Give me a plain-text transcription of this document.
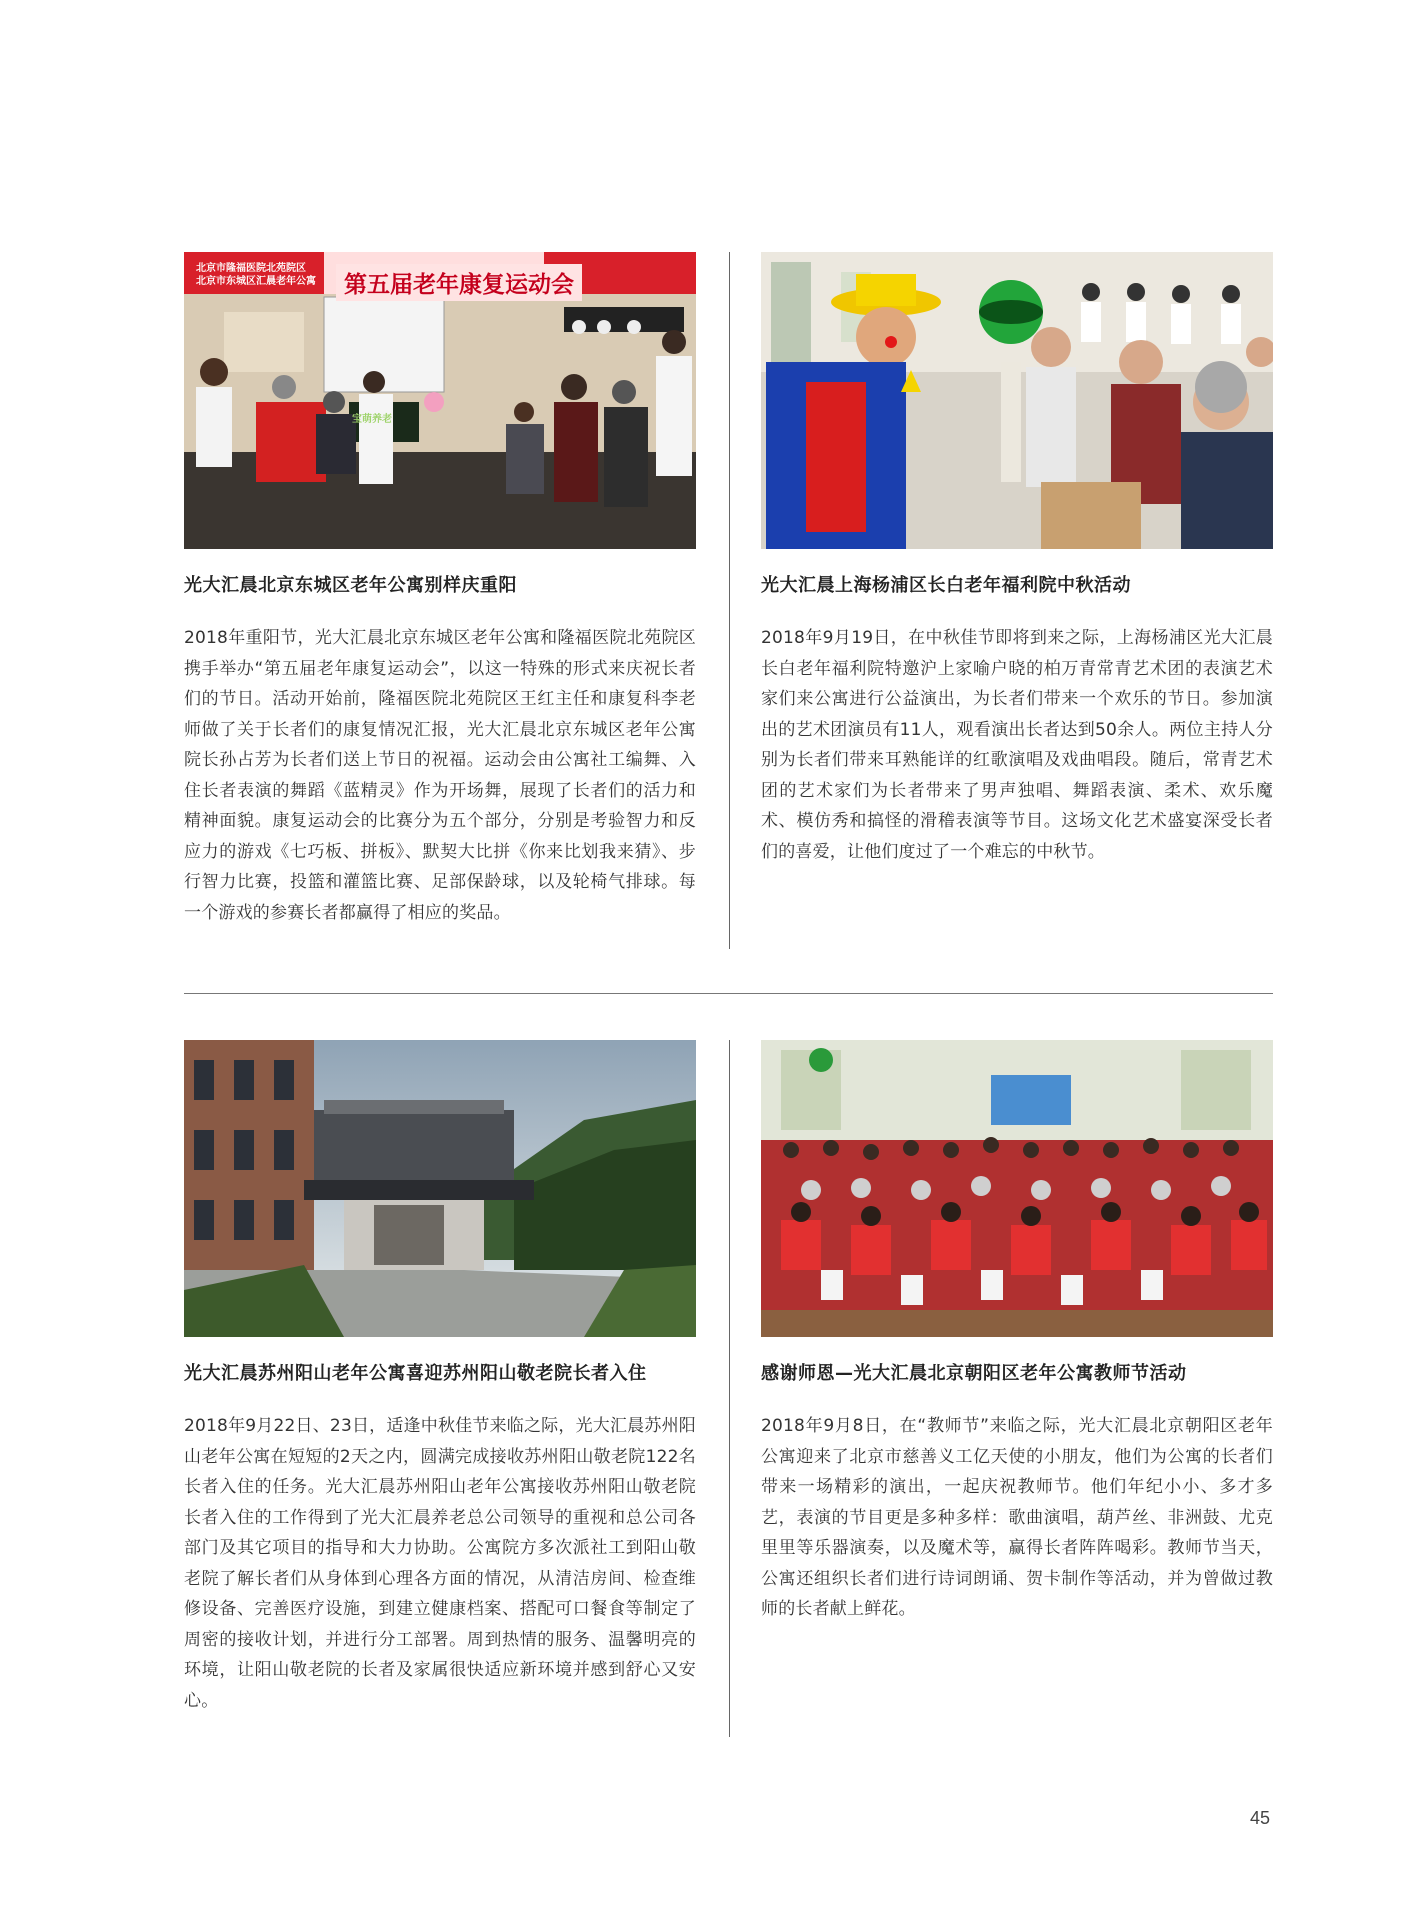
北京市隆福医院北苑院区
北京市东城区汇晨老年公寓	第五届老年康复运动会
宝萌养老
光大汇晨北京东城区老年公寓别样庆重阳
2018年重阳节，光大汇晨北京东城区老年公寓和隆福医院北苑院区携手举办“第五届老年康复运动会”，以这一特殊的形式来庆祝长者们的节日。活动开始前，隆福医院北苑院区王红主任和康复科李老师做了关于长者们的康复情况汇报，光大汇晨北京东城区老年公寓院长孙占芳为长者们送上节日的祝福。运动会由公寓社工编舞、入住长者表演的舞蹈《蓝精灵》作为开场舞，展现了长者们的活力和精神面貌。康复运动会的比赛分为五个部分，分别是考验智力和反应力的游戏《七巧板、拼板》、默契大比拼《你来比划我来猜》、步行智力比赛，投篮和灌篮比赛、足部保龄球，以及轮椅气排球。每一个游戏的参赛长者都赢得了相应的奖品。
光大汇晨上海杨浦区长白老年福利院中秋活动
2018年9月19日，在中秋佳节即将到来之际，上海杨浦区光大汇晨长白老年福利院特邀沪上家喻户晓的柏万青常青艺术团的表演艺术家们来公寓进行公益演出，为长者们带来一个欢乐的节日。参加演出的艺术团演员有11人，观看演出长者达到50余人。两位主持人分别为长者们带来耳熟能详的红歌演唱及戏曲唱段。随后，常青艺术团的艺术家们为长者带来了男声独唱、舞蹈表演、柔术、欢乐魔术、模仿秀和搞怪的滑稽表演等节目。这场文化艺术盛宴深受长者们的喜爱，让他们度过了一个难忘的中秋节。
光大汇晨苏州阳山老年公寓喜迎苏州阳山敬老院长者入住
2018年9月22日、23日，适逢中秋佳节来临之际，光大汇晨苏州阳山老年公寓在短短的2天之内，圆满完成接收苏州阳山敬老院122名长者入住的任务。光大汇晨苏州阳山老年公寓接收苏州阳山敬老院长者入住的工作得到了光大汇晨养老总公司领导的重视和总公司各部门及其它项目的指导和大力协助。公寓院方多次派社工到阳山敬老院了解长者们从身体到心理各方面的情况，从清洁房间、检查维修设备、完善医疗设施，到建立健康档案、搭配可口餐食等制定了周密的接收计划，并进行分工部署。周到热情的服务、温馨明亮的环境，让阳山敬老院的长者及家属很快适应新环境并感到舒心又安心。
感谢师恩—光大汇晨北京朝阳区老年公寓教师节活动
2018年9月8日，在“教师节”来临之际，光大汇晨北京朝阳区老年公寓迎来了北京市慈善义工亿天使的小朋友，他们为公寓的长者们带来一场精彩的演出，一起庆祝教师节。他们年纪小小、多才多艺，表演的节目更是多种多样：歌曲演唱，葫芦丝、非洲鼓、尤克里里等乐器演奏，以及魔术等，赢得长者阵阵喝彩。教师节当天，公寓还组织长者们进行诗词朗诵、贺卡制作等活动，并为曾做过教师的长者献上鲜花。
45
